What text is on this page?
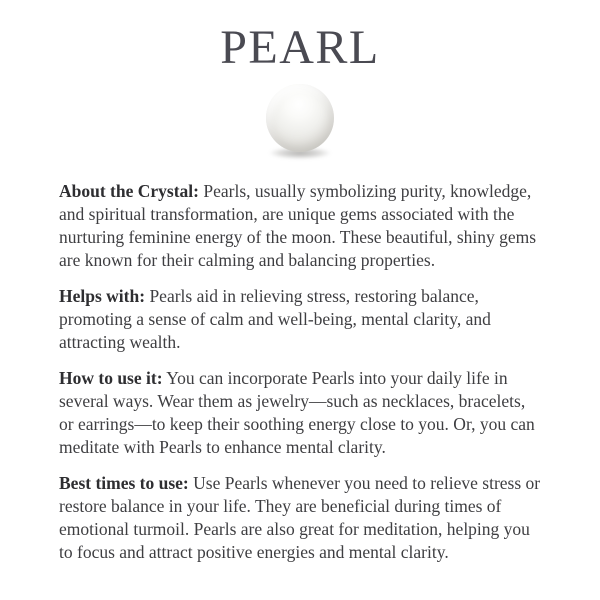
PEARL

About the Crystal: Pearls, usually symbolizing purity, knowledge, and spiritual transformation, are unique gems associated with the nurturing feminine energy of the moon. These beautiful, shiny gems are known for their calming and balancing properties.

Helps with: Pearls aid in relieving stress, restoring balance, promoting a sense of calm and well-being, mental clarity, and attracting wealth.

How to use it: You can incorporate Pearls into your daily life in several ways. Wear them as jewelry—such as necklaces, bracelets, or earrings—to keep their soothing energy close to you. Or, you can meditate with Pearls to enhance mental clarity.

Best times to use: Use Pearls whenever you need to relieve stress or restore balance in your life. They are beneficial during times of emotional turmoil. Pearls are also great for meditation, helping you to focus and attract positive energies and mental clarity.
